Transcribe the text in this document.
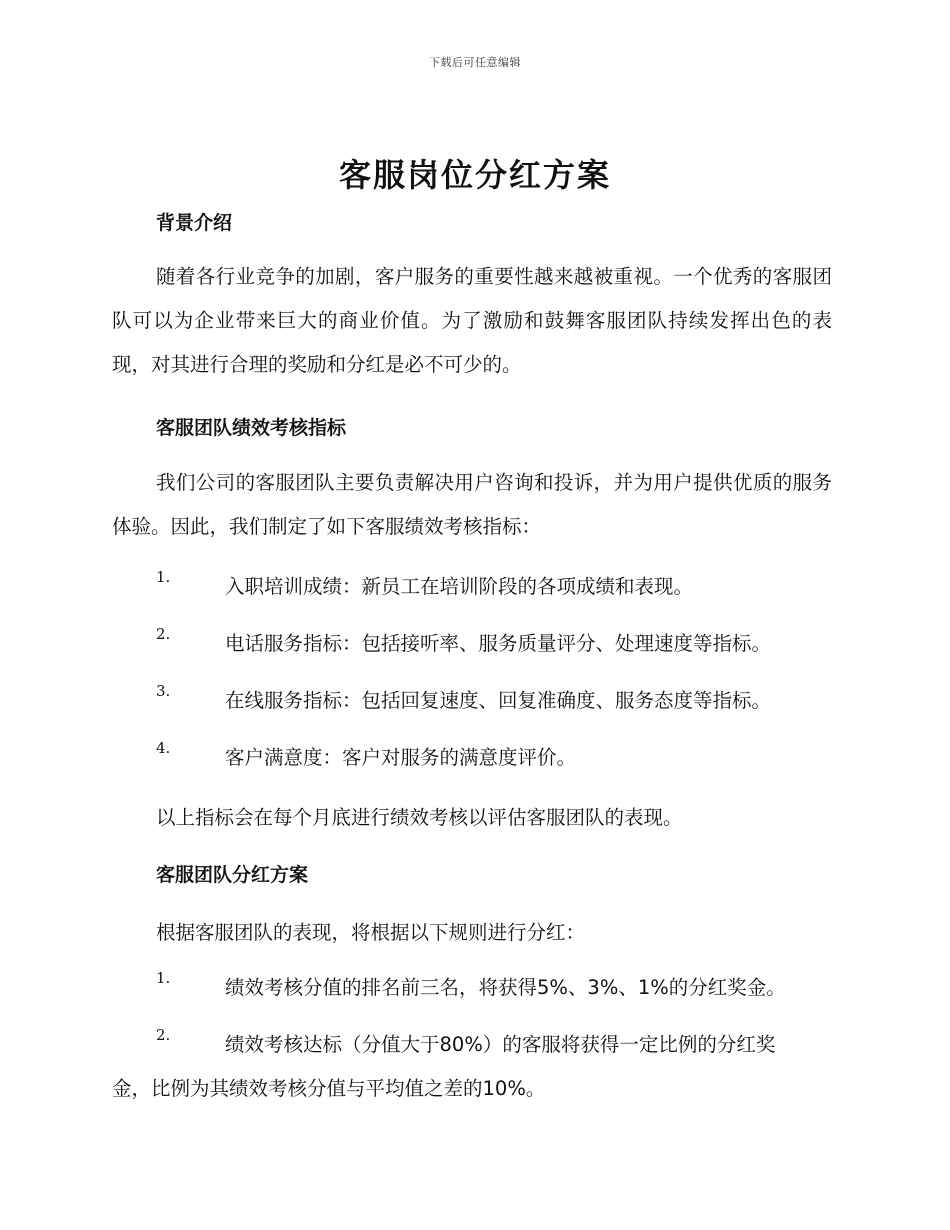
下载后可任意编辑
客服岗位分红方案
背景介绍
随着各行业竞争的加剧，客户服务的重要性越来越被重视。一个优秀的客服团队可以为企业带来巨大的商业价值。为了激励和鼓舞客服团队持续发挥出色的表现，对其进行合理的奖励和分红是必不可少的。
客服团队绩效考核指标
我们公司的客服团队主要负责解决用户咨询和投诉，并为用户提供优质的服务体验。因此，我们制定了如下客服绩效考核指标：
1.	入职培训成绩：新员工在培训阶段的各项成绩和表现。
2.	电话服务指标：包括接听率、服务质量评分、处理速度等指标。
3.	在线服务指标：包括回复速度、回复准确度、服务态度等指标。
4.	客户满意度：客户对服务的满意度评价。
以上指标会在每个月底进行绩效考核以评估客服团队的表现。
客服团队分红方案
根据客服团队的表现，将根据以下规则进行分红：
1.	绩效考核分值的排名前三名，将获得5%、3%、1%的分红奖金。
2.	绩效考核达标（分值大于80%）的客服将获得一定比例的分红奖
金，比例为其绩效考核分值与平均值之差的10%。
